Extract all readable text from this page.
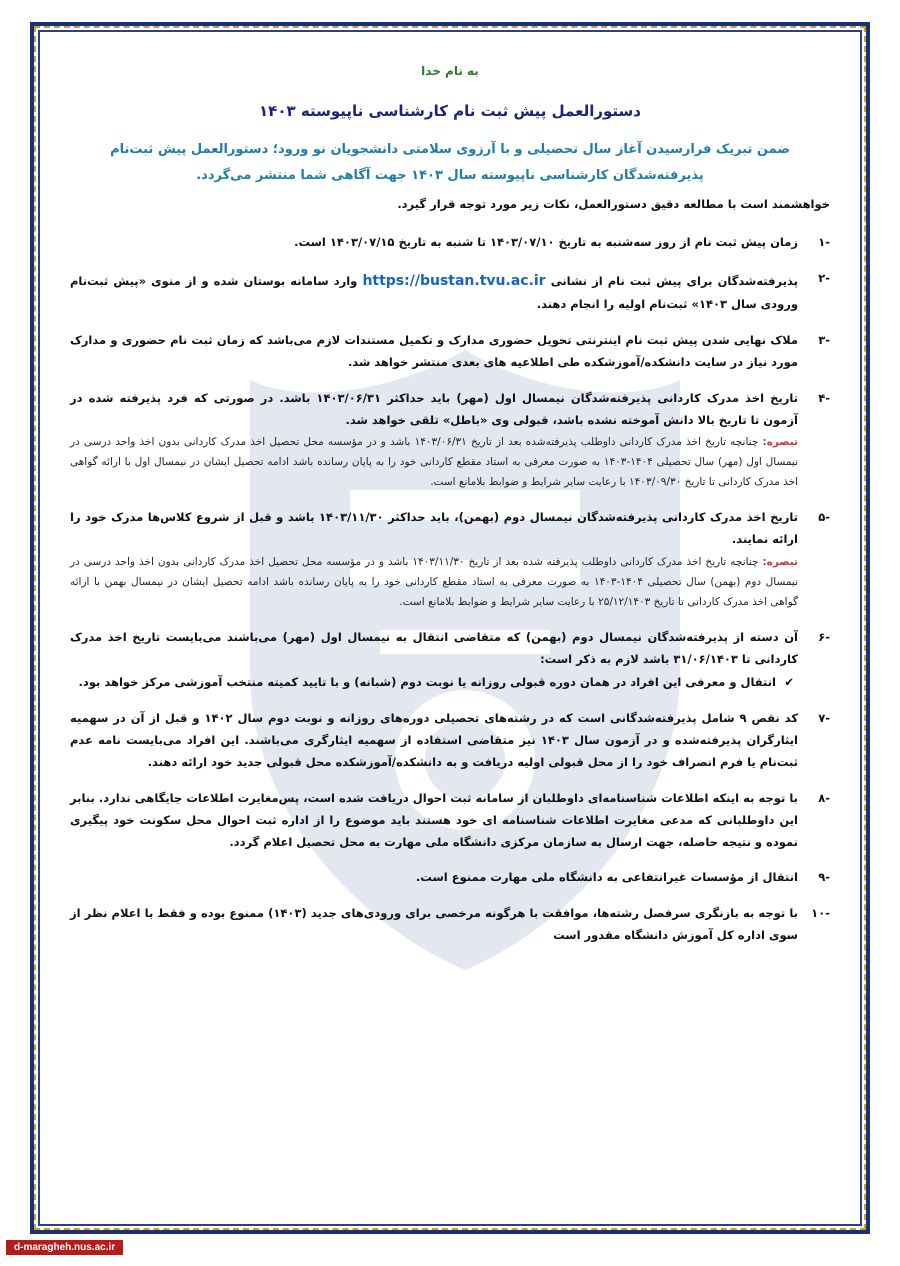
به نام خدا
دستورالعمل پیش ثبت نام کارشناسی ناپیوسته ۱۴۰۳
ضمن تبریک فرارسیدن آغاز سال تحصیلی و با آرزوی سلامتی دانشجویان نو ورود؛ دستورالعمل پیش ثبت‌نام پذیرفته‌شدگان کارشناسی ناپیوسته سال ۱۴۰۳ جهت آگاهی شما منتشر می‌گردد.
خواهشمند است با مطالعه دقیق دستورالعمل، نکات زیر مورد توجه قرار گیرد.
-۱
زمان پیش ثبت نام از روز سه‌شنبه به تاریخ ۱۴۰۳/۰۷/۱۰ تا شنبه به تاریخ ۱۴۰۳/۰۷/۱۵ است.
-۲
پذیرفته‌شدگان برای پیش ثبت نام از نشانی https://bustan.tvu.ac.ir وارد سامانه بوستان شده و از منوی «پیش ثبت‌نام ورودی سال ۱۴۰۳» ثبت‌نام اولیه را انجام دهند.
-۳
ملاک نهایی شدن پیش ثبت نام اینترنتی تحویل حضوری مدارک و تکمیل مستندات لازم می‌باشد که زمان ثبت نام حضوری و مدارک مورد نیاز در سایت دانشکده/آموزشکده طی اطلاعیه های بعدی منتشر خواهد شد.
-۴
تاریخ اخذ مدرک کاردانی پذیرفته‌شدگان نیمسال اول (مهر) باید حداکثر ۱۴۰۳/۰۶/۳۱ باشد. در صورتی که فرد پذیرفته شده در آزمون تا تاریخ بالا دانش آموخته نشده باشد، قبولی وی «باطل» تلقی خواهد شد.
تبصره: چنانچه تاریخ اخذ مدرک کاردانی داوطلب پذیرفته‌شده بعد از تاریخ ۱۴۰۳/۰۶/۳۱ باشد و در مؤسسه محل تحصیل اخذ مدرک کاردانی بدون اخذ واحد درسی در نیمسال اول (مهر) سال تحصیلی ۱۴۰۴-۱۴۰۳ به صورت معرفی به استاد مقطع کاردانی خود را به پایان رسانده باشد ادامه تحصیل ایشان در نیمسال اول با ارائه گواهی اخذ مدرک کاردانی تا تاریخ ۱۴۰۳/۰۹/۳۰ با رعایت سایر شرایط و ضوابط بلامانع است.
-۵
تاریخ اخذ مدرک کاردانی پذیرفته‌شدگان نیمسال دوم (بهمن)، باید حداکثر ۱۴۰۳/۱۱/۳۰ باشد و قبل از شروع کلاس‌ها مدرک خود را ارائه نمایند.
تبصره: چنانچه تاریخ اخذ مدرک کاردانی داوطلب پذیرفته شده بعد از تاریخ ۱۴۰۳/۱۱/۳۰ باشد و در مؤسسه محل تحصیل اخذ مدرک کاردانی بدون اخذ واحد درسی در نیمسال دوم (بهمن) سال تحصیلی ۱۴۰۴-۱۴۰۳ به صورت معرفی به استاد مقطع کاردانی خود را به پایان رسانده باشد ادامه تحصیل ایشان در نیمسال بهمن با ارائه گواهی اخذ مدرک کاردانی تا تاریخ ۲۵/۱۲/۱۴۰۳ با رعایت سایر شرایط و ضوابط بلامانع است.
-۶
آن دسته از پذیرفته‌شدگان نیمسال دوم (بهمن) که متقاضی انتقال به نیمسال اول (مهر) می‌باشند می‌بایست تاریخ اخذ مدرک کاردانی تا ۳۱/۰۶/۱۴۰۳ باشد لازم به ذکر است:
✔
انتقال و معرفی این افراد در همان دوره قبولی روزانه یا نوبت دوم (شبانه) و با تایید کمیته منتخب آموزشی مرکز خواهد بود.
-۷
کد نقص ۹ شامل پذیرفته‌شدگانی است که در رشته‌های تحصیلی دوره‌های روزانه و نوبت دوم سال ۱۴۰۲ و قبل از آن در سهمیه ایثارگران پذیرفته‌شده و در آزمون سال ۱۴۰۳ نیز متقاضی استفاده از سهمیه ایثارگری می‌باشند. این افراد می‌بایست نامه عدم ثبت‌نام یا فرم انصراف خود را از محل قبولی اولیه دریافت و به دانشکده/آموزشکده محل قبولی جدید خود ارائه دهند.
-۸
با توجه به اینکه اطلاعات شناسنامه‌ای داوطلبان از سامانه ثبت احوال دریافت شده است، پس‌مغایرت اطلاعات جایگاهی ندارد. بنابر این داوطلبانی که مدعی مغایرت اطلاعات شناسنامه ای خود هستند باید موضوع را از اداره ثبت احوال محل سکونت خود پیگیری نموده و نتیجه حاصله، جهت ارسال به سازمان مرکزی دانشگاه ملی مهارت به محل تحصیل اعلام گردد.
-۹
انتقال از مؤسسات غیرانتفاعی به دانشگاه ملی مهارت ممنوع است.
-۱۰
با توجه به بازنگری سرفصل رشته‌ها، موافقت با هرگونه مرخصی برای ورودی‌های جدید (۱۴۰۳) ممنوع بوده و فقط با اعلام نظر از سوی اداره کل آموزش دانشگاه مقدور است
d-maragheh.nus.ac.ir
